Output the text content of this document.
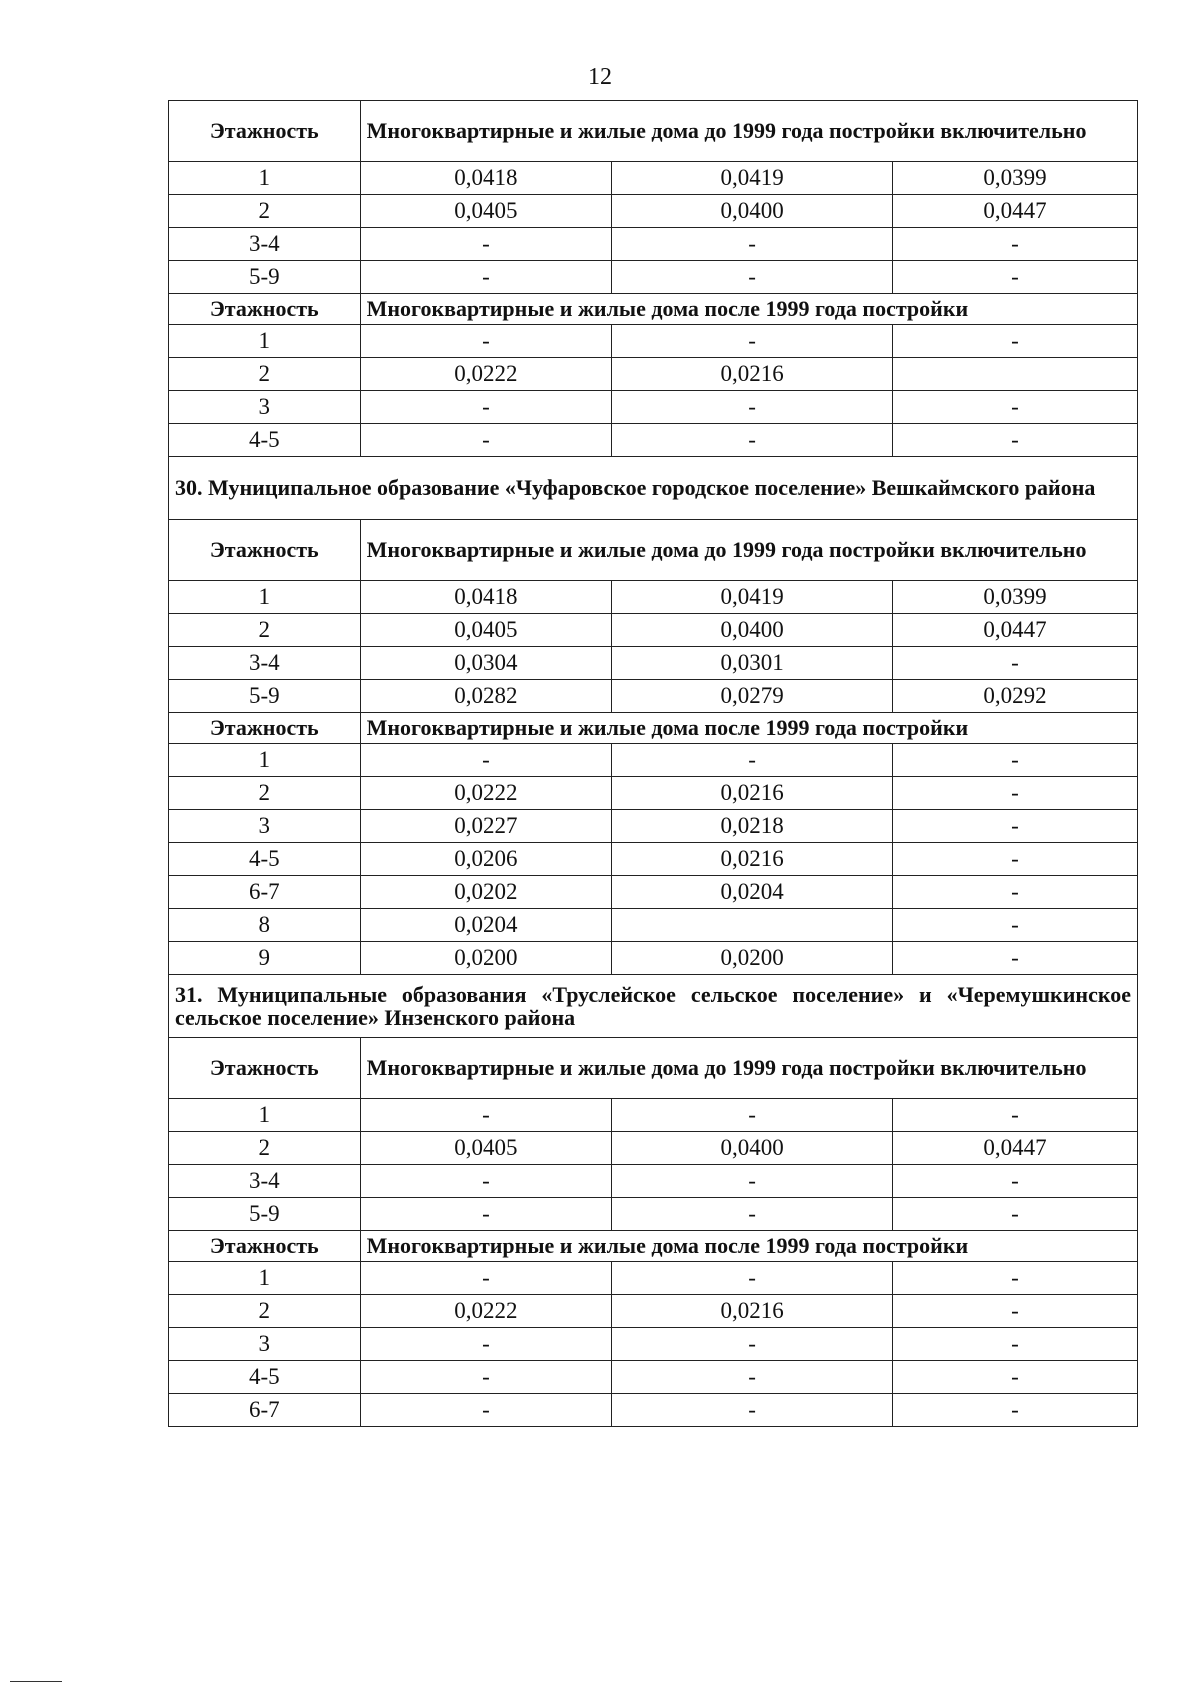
12
Этажность	Многоквартирные и жилые дома до 1999 года постройки включительно		
1	0,0418	0,0419	0,0399
2	0,0405	0,0400	0,0447
3-4	-	-	-
5-9	-	-	-
Этажность	Многоквартирные и жилые дома после 1999 года постройки		
1	-	-	-
2	0,0222	0,0216	
3	-	-	-
4-5	-	-	-
30. Муниципальное образование «Чуфаровское городское поселение» Вешкаймского района			
Этажность	Многоквартирные и жилые дома до 1999 года постройки включительно		
1	0,0418	0,0419	0,0399
2	0,0405	0,0400	0,0447
3-4	0,0304	0,0301	-
5-9	0,0282	0,0279	0,0292
Этажность	Многоквартирные и жилые дома после 1999 года постройки		
1	-	-	-
2	0,0222	0,0216	-
3	0,0227	0,0218	-
4-5	0,0206	0,0216	-
6-7	0,0202	0,0204	-
8	0,0204		-
9	0,0200	0,0200	-
31. Муниципальные образования «Труслейское сельское поселение» и «Черемушкинское сельское поселение» Инзенского района			
Этажность	Многоквартирные и жилые дома до 1999 года постройки включительно		
1	-	-	-
2	0,0405	0,0400	0,0447
3-4	-	-	-
5-9	-	-	-
Этажность	Многоквартирные и жилые дома после 1999 года постройки		
1	-	-	-
2	0,0222	0,0216	-
3	-	-	-
4-5	-	-	-
6-7	-	-	-
